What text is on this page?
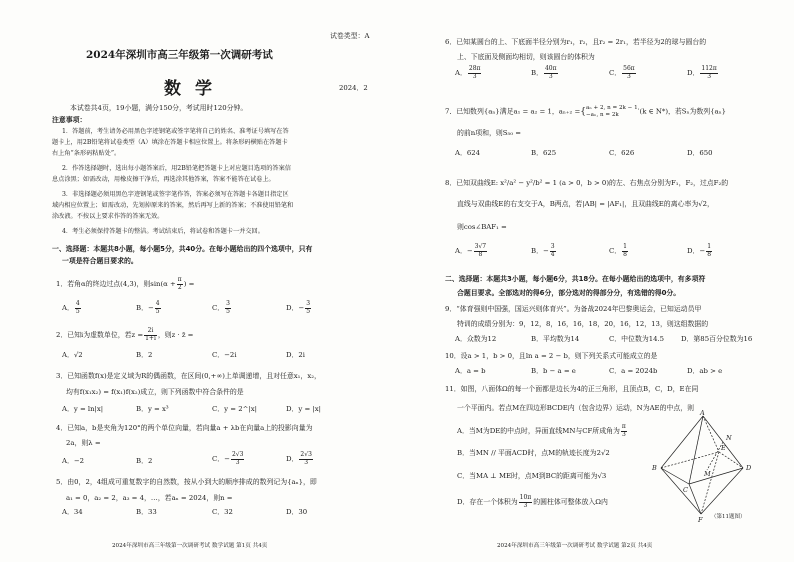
试卷类型：A
2024年深圳市高三年级第一次调研考试
数学	2024．2
本试卷共4页，19小题，满分150分，考试用时120分钟。
注意事项：
1．答题前，考生请务必用黑色字迹钢笔或签字笔将自己的姓名、准考证号填写在答
题卡上，用2B铅笔将试卷类型（A）填涂在答题卡相应位置上。将条形码横贴在答题卡
右上角“条形码粘贴处”。
2．作答选择题时，选出每小题答案后，用2B铅笔把答题卡上对应题目选项的答案信
息点涂黑；如需改动，用橡皮擦干净后，再选涂其他答案，答案不能答在试卷上。
3．非选择题必须用黑色字迹钢笔或签字笔作答，答案必须写在答题卡各题目指定区
域内相应位置上；如需改动，先划掉原来的答案，然后再写上新的答案；不准使用铅笔和
涂改液。不按以上要求作答的答案无效。
4．考生必须保持答题卡的整洁。考试结束后，将试卷和答题卡一并交回。
一、选择题：本题共8小题，每小题5分，共40分。在每小题给出的四个选项中，只有
一项是符合题目要求的。
1．若角α的终边过点(4,3)，则$\sin(\alpha + \frac{\pi}{2}$ ) =
A． $\frac{4}{5}$	B．− $\frac{4}{5}$	C． $\frac{3}{5}$	D．− $\frac{3}{5}$
2．已知i为虚数单位，若$z = \frac{2i}{1+i}$ ，则z · z̄ =
A．√2	B．2	C．−2i	D．2i
3．已知函数f(x)是定义域为R的偶函数，在区间(0,+∞)上单调递增，且对任意x₁，x₂，
均有f(x₁x₂) = f(x₁)f(x₂)成立，则下列函数中符合条件的是
A．y = ln|x|	B．y = x³	C．y = 2^|x|	D．y = |x|
4．已知a，b是夹角为120°的两个单位向量，若向量a + λb在向量a上的投影向量为
2a，则λ =
A．−2	B．2	C．− $\frac{2√3}{3}$	D． $\frac{2√3}{3}$
5．由0，2，4组成可重复数字的自然数，按从小到大的顺序排成的数列记为{aₙ}，即
a₁ = 0，a₂ = 2，a₃ = 4，…，若aₙ = 2024，则n =
A．34	B．33	C．32	D．30
2024年深圳市高三年级第一次调研考试 数学试题 第1页 共4页
6．已知某圆台的上、下底面半径分别为r₁，r₂，且r₂ = 2r₁，若半径为2的球与圆台的
上、下底面及侧面均相切，则该圆台的体积为
A． $\frac{28\pi}{3}$	B． $\frac{40\pi}{3}$	C． $\frac{56\pi}{3}$	D． $\frac{112\pi}{3}$
7．已知数列{aₙ}满足a₁ = a₂ = 1，aₙ₊₂ ={ aₙ + 2, n = 2k − 1,
−aₙ, n = 2k	(k ∈ N*)，若Sₙ为数列{aₙ}
的前n项和，则S₅₀ =
A．624	B．625	C．626	D．650
8．已知双曲线E: x²/a² − y²/b² = 1 (a > 0，b > 0)的左、右焦点分别为F₁，F₂，过点F₂的
直线与双曲线E的右支交于A，B两点，若|AB| = |AF₁|，且双曲线E的离心率为√2，
则cos∠BAF₁ =
A．− $\frac{3√7}{8}$	B．− $\frac{3}{4}$	C． $\frac{1}{8}$	D．− $\frac{1}{8}$
二、选择题：本题共3小题，每小题6分，共18分。在每小题给出的选项中，有多项符
合题目要求。全部选对的得6分，部分选对的得部分分，有选错的得0分。
9．“体育强则中国强，国运兴则体育兴”。为备战2024年巴黎奥运会，已知运动员甲
特训的成绩分别为：9，12，8，16，16，18，20，16，12，13，则这组数据的
A．众数为12	B．平均数为14	C．中位数为14.5 D．第85百分位数为16
10．设a > 1，b > 0，且ln a = 2 − b，则下列关系式可能成立的是
A．a = b	B．b − a = e	C．a = 2024b	D．ab > e
11．如图，八面体Ω的每一个面都是边长为4的正三角形，且顶点B，C，D，E在同
一个平面内。若点M在四边形BCDE内（包含边界）运动，N为AE的中点，则
A．当M为DE的中点时，异面直线MN与CF所成角为 $\frac{\pi}{3}$
B．当MN // 平面ACD时，点M的轨迹长度为2√2
C．当MA ⊥ ME时，点M到BC的距离可能为√3
D．存在一个体积为 $\frac{10\pi}{3}$ 的圆柱体可整体放入Ω内
A
N
E
D
B
M
C
F （第11题图）
2024年深圳市高三年级第一次调研考试 数学试题 第2页 共4页
